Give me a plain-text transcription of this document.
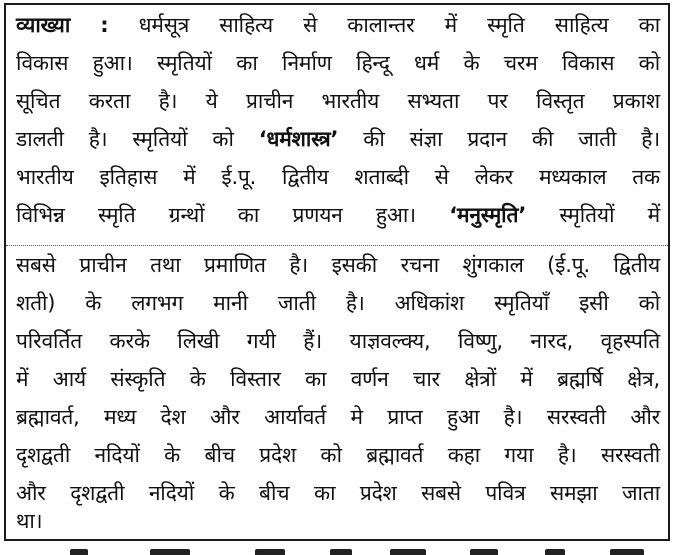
व्याख्या : धर्मसूत्र साहित्य से कालान्तर में स्मृति साहित्य का
विकास हुआ। स्मृतियों का निर्माण हिन्दू धर्म के चरम विकास को
सूचित करता है। ये प्राचीन भारतीय सभ्यता पर विस्तृत प्रकाश
डालती है। स्मृतियों को ‘धर्मशास्त्र’ की संज्ञा प्रदान की जाती है।
भारतीय इतिहास में ई.पू. द्वितीय शताब्दी से लेकर मध्यकाल तक
विभिन्न स्मृति ग्रन्थों का प्रणयन हुआ। ‘मनुस्मृति’ स्मृतियों में
सबसे प्राचीन तथा प्रमाणित है। इसकी रचना शुंगकाल (ई.पू. द्वितीय
शती) के लगभग मानी जाती है। अधिकांश स्मृतियाँ इसी को
परिवर्तित करके लिखी गयी हैं। याज्ञवल्क्य, विष्णु, नारद, वृहस्पति
में आर्य संस्कृति के विस्तार का वर्णन चार क्षेत्रों में ब्रह्मर्षि क्षेत्र,
ब्रह्मावर्त, मध्य देश और आर्यावर्त मे प्राप्त हुआ है। सरस्वती और
दृशद्वती नदियों के बीच प्रदेश को ब्रह्मावर्त कहा गया है। सरस्वती
और दृशद्वती नदियों के बीच का प्रदेश सबसे पवित्र समझा जाता
था।
